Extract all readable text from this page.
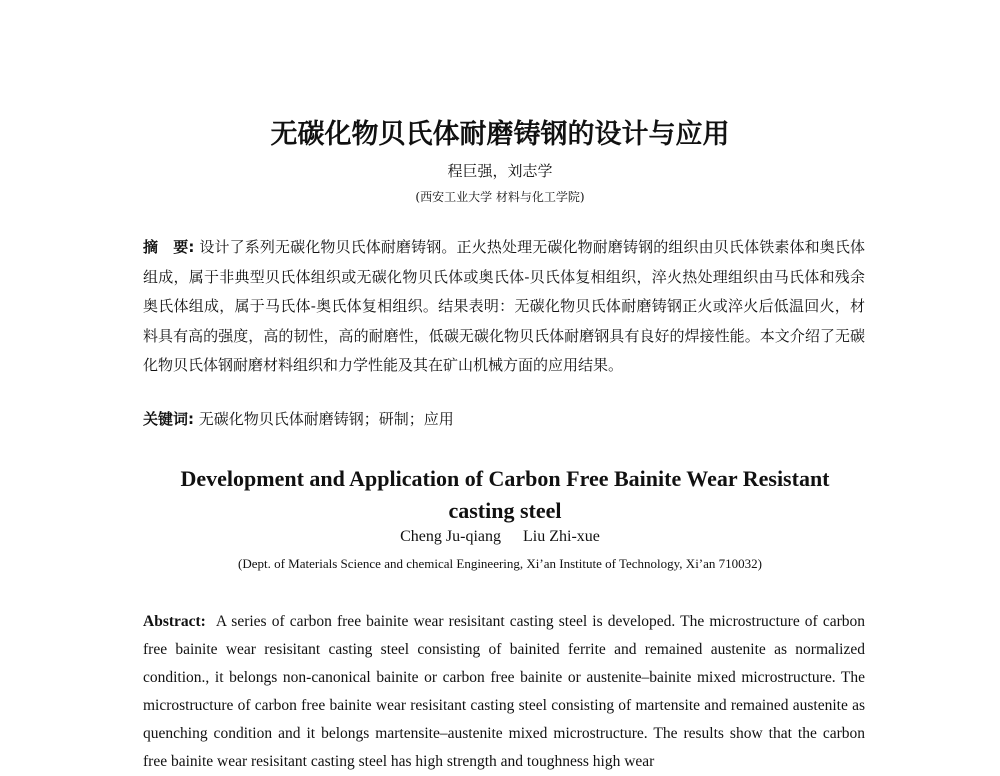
无碳化物贝氏体耐磨铸钢的设计与应用
程巨强，刘志学
(西安工业大学 材料与化工学院)
摘　要: 设计了系列无碳化物贝氏体耐磨铸钢。正火热处理无碳化物耐磨铸钢的组织由贝氏体铁素体和奥氏体组成，属于非典型贝氏体组织或无碳化物贝氏体或奥氏体-贝氏体复相组织，淬火热处理组织由马氏体和残余奥氏体组成，属于马氏体-奥氏体复相组织。结果表明：无碳化物贝氏体耐磨铸钢正火或淬火后低温回火，材料具有高的强度，高的韧性，高的耐磨性，低碳无碳化物贝氏体耐磨钢具有良好的焊接性能。本文介绍了无碳化物贝氏体钢耐磨材料组织和力学性能及其在矿山机械方面的应用结果。
关键词: 无碳化物贝氏体耐磨铸钢；研制；应用
Development and Application of Carbon Free Bainite Wear Resistant casting steel
Cheng Ju-qiang Liu Zhi-xue
(Dept. of Materials Science and chemical Engineering, Xi’an Institute of Technology, Xi’an 710032)
Abstract: A series of carbon free bainite wear resisitant casting steel is developed. The microstructure of carbon free bainite wear resisitant casting steel consisting of bainited ferrite and remained austenite as normalized condition., it belongs non-canonical bainite or carbon free bainite or austenite–bainite mixed microstructure. The microstructure of carbon free bainite wear resisitant casting steel consisting of martensite and remained austenite as quenching condition and it belongs martensite–austenite mixed microstructure. The results show that the carbon free bainite wear resisitant casting steel has high strength and toughness high wear
